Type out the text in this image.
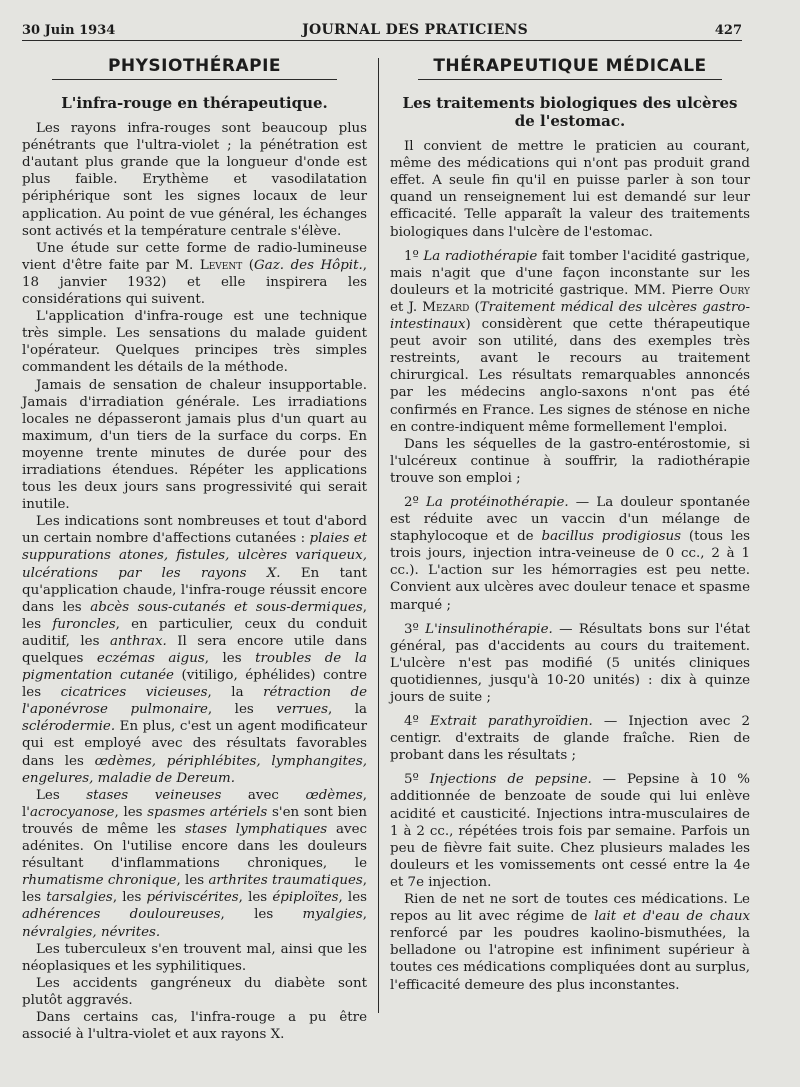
30 Juin 1934	JOURNAL DES PRATICIENS	427
PHYSIOTHÉRAPIE
L'infra-rouge en thérapeutique.

Les rayons infra-rouges sont beaucoup plus pénétrants que l'ultra-violet ; la pénétration est d'autant plus grande que la longueur d'onde est plus faible. Erythème et vasodilatation périphérique sont les signes locaux de leur application. Au point de vue général, les échanges sont activés et la température centrale s'élève.

Une étude sur cette forme de radio-lumineuse vient d'être faite par M. Levent (Gaz. des Hôpit., 18 janvier 1932) et elle inspirera les considérations qui suivent.

L'application d'infra-rouge est une technique très simple. Les sensations du malade guident l'opérateur. Quelques principes très simples commandent les détails de la méthode.

Jamais de sensation de chaleur insupportable. Jamais d'irradiation générale. Les irradiations locales ne dépasseront jamais plus d'un quart au maximum, d'un tiers de la surface du corps. En moyenne trente minutes de durée pour des irradiations étendues. Répéter les applications tous les deux jours sans progressivité qui serait inutile.

Les indications sont nombreuses et tout d'abord un certain nombre d'affections cutanées : plaies et suppurations atones, fistules, ulcères variqueux, ulcérations par les rayons X. En tant qu'application chaude, l'infra-rouge réussit encore dans les abcès sous-cutanés et sous-dermiques, les furoncles, en particulier, ceux du conduit auditif, les anthrax. Il sera encore utile dans quelques eczémas aigus, les troubles de la pigmentation cutanée (vitiligo, éphélides) contre les cicatrices vicieuses, la rétraction de l'aponévrose pulmonaire, les verrues, la sclérodermie. En plus, c'est un agent modificateur qui est employé avec des résultats favorables dans les œdèmes, périphlébites, lymphangites, engelures, maladie de Dereum.

Les stases veineuses avec œdèmes, l'acrocyanose, les spasmes artériels s'en sont bien trouvés de même les stases lymphatiques avec adénites. On l'utilise encore dans les douleurs résultant d'inflammations chroniques, le rhumatisme chronique, les arthrites traumatiques, les tarsalgies, les périviscérites, les épiploïtes, les adhérences douloureuses, les myalgies, névralgies, névrites.

Les tuberculeux s'en trouvent mal, ainsi que les néoplasiques et les syphilitiques.

Les accidents gangréneux du diabète sont plutôt aggravés.

Dans certains cas, l'infra-rouge a pu être associé à l'ultra-violet et aux rayons X.

THÉRAPEUTIQUE MÉDICALE
Les traitements biologiques des ulcères de l'estomac.

Il convient de mettre le praticien au courant, même des médications qui n'ont pas produit grand effet. A seule fin qu'il en puisse parler à son tour quand un renseignement lui est demandé sur leur efficacité. Telle apparaît la valeur des traitements biologiques dans l'ulcère de l'estomac.

1º La radiothérapie fait tomber l'acidité gastrique, mais n'agit que d'une façon inconstante sur les douleurs et la motricité gastrique. MM. Pierre Oury et J. Mezard (Traitement médical des ulcères gastro-intestinaux) considèrent que cette thérapeutique peut avoir son utilité, dans des exemples très restreints, avant le recours au traitement chirurgical. Les résultats remarquables annoncés par les médecins anglo-saxons n'ont pas été confirmés en France. Les signes de sténose en niche en contre-indiquent même formellement l'emploi.

Dans les séquelles de la gastro-entérostomie, si l'ulcéreux continue à souffrir, la radiothérapie trouve son emploi ;

2º La protéinothérapie. — La douleur spontanée est réduite avec un vaccin d'un mélange de staphylocoque et de bacillus prodigiosus (tous les trois jours, injection intra-veineuse de 0 cc., 2 à 1 cc.). L'action sur les hémorragies est peu nette. Convient aux ulcères avec douleur tenace et spasme marqué ;

3º L'insulinothérapie. — Résultats bons sur l'état général, pas d'accidents au cours du traitement. L'ulcère n'est pas modifié (5 unités cliniques quotidiennes, jusqu'à 10-20 unités) : dix à quinze jours de suite ;

4º Extrait parathyroïdien. — Injection avec 2 centigr. d'extraits de glande fraîche. Rien de probant dans les résultats ;

5º Injections de pepsine. — Pepsine à 10 % additionnée de benzoate de soude qui lui enlève acidité et causticité. Injections intra-musculaires de 1 à 2 cc., répétées trois fois par semaine. Parfois un peu de fièvre fait suite. Chez plusieurs malades les douleurs et les vomissements ont cessé entre la 4e et 7e injection.

Rien de net ne sort de toutes ces médications. Le repos au lit avec régime de lait et d'eau de chaux renforcé par les poudres kaolino-bismuthées, la belladone ou l'atropine est infiniment supérieur à toutes ces médications compliquées dont au surplus, l'efficacité demeure des plus inconstantes.
